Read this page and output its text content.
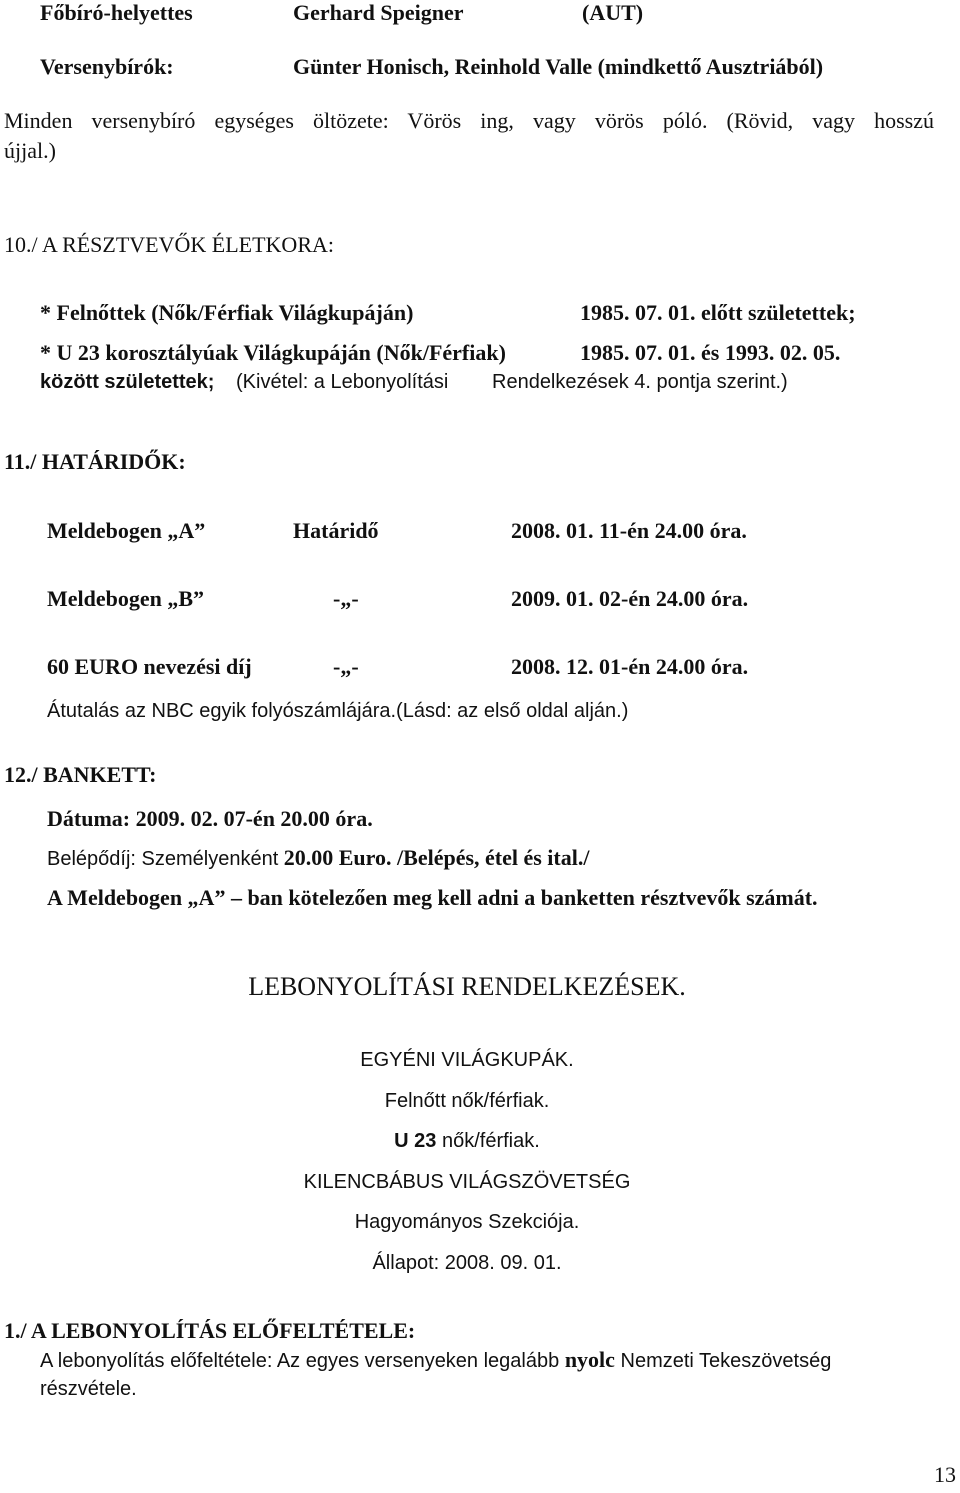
Főbíró-helyettes	Gerhard Speigner	(AUT)
Versenybírók:	Günter Honisch, Reinhold Valle (mindkettő Ausztriából)
Minden versenybíró egységes öltözete: Vörös ing, vagy vörös póló. (Rövid, vagy hosszú
újjal.)
10./ A RÉSZTVEVŐK ÉLETKORA:
* Felnőttek (Nők/Férfiak Világkupáján)	1985. 07. 01. előtt születettek;
* U 23 korosztályúak Világkupáján (Nők/Férfiak)	1985. 07. 01. és 1993. 02. 05.
között születettek; (Kivétel: a Lebonyolítási Rendelkezések 4. pontja szerint.)
11./ HATÁRIDŐK:
Meldebogen „A”	Határidő	2008. 01. 11-én 24.00 óra.
Meldebogen „B”	-„-	2009. 01. 02-én 24.00 óra.
60 EURO nevezési díj	-„-	2008. 12. 01-én 24.00 óra.
Átutalás az NBC egyik folyószámlájára.(Lásd: az első oldal alján.)
12./ BANKETT:
Dátuma: 2009. 02. 07-én 20.00 óra.
Belépődíj: Személyenként 20.00 Euro. /Belépés, étel és ital./
A Meldebogen „A” – ban kötelezően meg kell adni a banketten résztvevők számát.
LEBONYOLÍTÁSI RENDELKEZÉSEK.
EGYÉNI VILÁGKUPÁK.
Felnőtt nők/férfiak.
U 23 nők/férfiak.
KILENCBÁBUS VILÁGSZÖVETSÉG
Hagyományos Szekciója.
Állapot: 2008. 09. 01.
1./ A LEBONYOLÍTÁS ELŐFELTÉTELE:
A lebonyolítás előfeltétele: Az egyes versenyeken legalább nyolc Nemzeti Tekeszövetség
részvétele.
13
